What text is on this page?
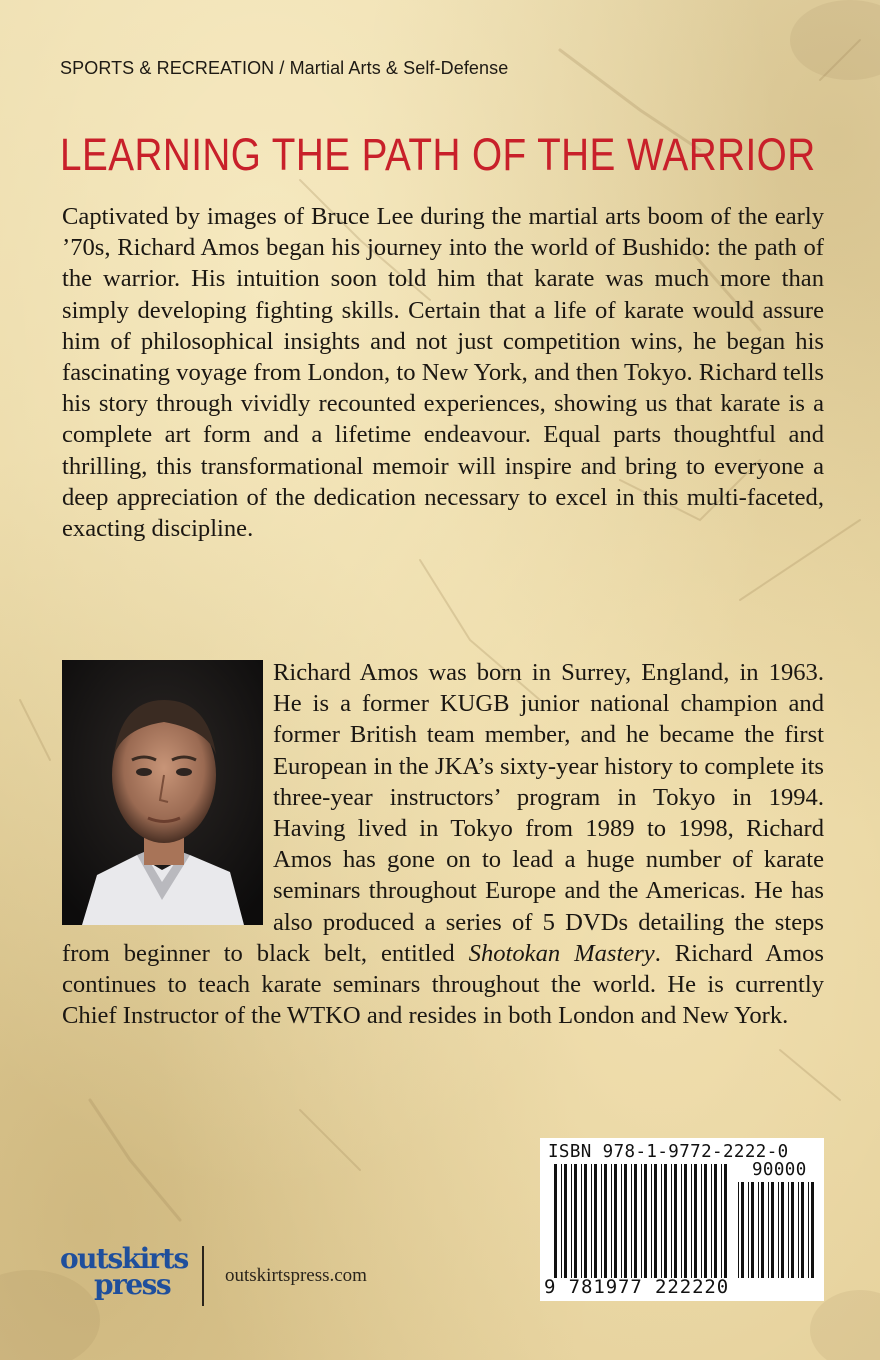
SPORTS & RECREATION / Martial Arts & Self-Defense
LEARNING THE PATH OF THE WARRIOR

Captivated by images of Bruce Lee during the martial arts boom of the early ’70s, Richard Amos began his journey into the world of Bushido: the path of the warrior. His intuition soon told him that karate was much more than simply developing fighting skills. Certain that a life of karate would assure him of philosophical insights and not just competition wins, he began his fascinating voyage from London, to New York, and then Tokyo. Richard tells his story through vividly recounted experiences, showing us that karate is a complete art form and a lifetime endeavour. Equal parts thoughtful and thrilling, this transformational memoir will inspire and bring to everyone a deep appreciation of the dedication necessary to excel in this multi-faceted, exacting discipline.

Richard Amos was born in Surrey, England, in 1963. He is a former KUGB junior national champion and former British team member, and he became the first European in the JKA’s sixty-year history to complete its three-year instructors’ program in Tokyo in 1994. Having lived in Tokyo from 1989 to 1998, Richard Amos has gone on to lead a huge number of karate seminars throughout Europe and the Americas. He has also produced a series of 5 DVDs detailing the steps from beginner to black belt, entitled Shotokan Mastery. Richard Amos continues to teach karate seminars throughout the world. He is currently Chief Instructor of the WTKO and resides in both London and New York.

ISBN 978-1-9772-2222-0
90000
9 781977 222220
outskirts
press	outskirtspress.com
